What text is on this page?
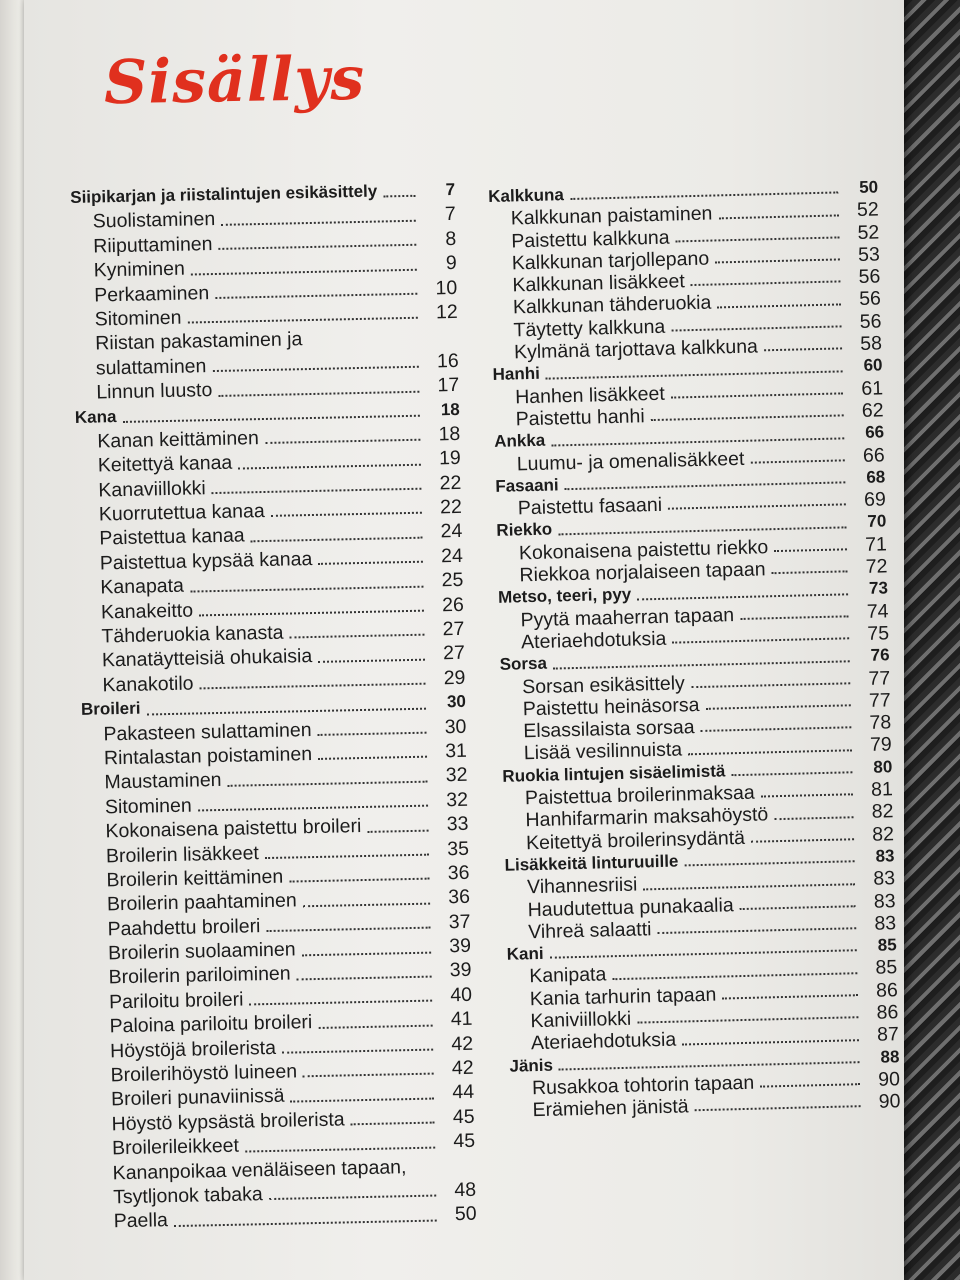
Sisällys
Siipikarjan ja riistalintujen esikäsittely	7
Suolistaminen	7
Riiputtaminen	8
Kyniminen	9
Perkaaminen	10
Sitominen	12
Riistan pakastaminen ja
sulattaminen	16
Linnun luusto	17
Kana	18
Kanan keittäminen	18
Keitettyä kanaa	19
Kanaviillokki	22
Kuorrutettua kanaa	22
Paistettua kanaa	24
Paistettua kypsää kanaa	24
Kanapata	25
Kanakeitto	26
Tähderuokia kanasta	27
Kanatäytteisiä ohukaisia	27
Kanakotilo	29
Broileri	30
Pakasteen sulattaminen	30
Rintalastan poistaminen	31
Maustaminen	32
Sitominen	32
Kokonaisena paistettu broileri	33
Broilerin lisäkkeet	35
Broilerin keittäminen	36
Broilerin paahtaminen	36
Paahdettu broileri	37
Broilerin suolaaminen	39
Broilerin pariloiminen	39
Pariloitu broileri	40
Paloina pariloitu broileri	41
Höystöjä broilerista	42
Broilerihöystö luineen	42
Broileri punaviinissä	44
Höystö kypsästä broilerista	45
Broilerileikkeet	45
Kananpoikaa venäläiseen tapaan,
Tsytljonok tabaka	48
Paella	50
Kalkkuna	50
Kalkkunan paistaminen	52
Paistettu kalkkuna	52
Kalkkunan tarjollepano	53
Kalkkunan lisäkkeet	56
Kalkkunan tähderuokia	56
Täytetty kalkkuna	56
Kylmänä tarjottava kalkkuna	58
Hanhi	60
Hanhen lisäkkeet	61
Paistettu hanhi	62
Ankka	66
Luumu- ja omenalisäkkeet	66
Fasaani	68
Paistettu fasaani	69
Riekko	70
Kokonaisena paistettu riekko	71
Riekkoa norjalaiseen tapaan	72
Metso, teeri, pyy	73
Pyytä maaherran tapaan	74
Ateriaehdotuksia	75
Sorsa	76
Sorsan esikäsittely	77
Paistettu heinäsorsa	77
Elsassilaista sorsaa	78
Lisää vesilinnuista	79
Ruokia lintujen sisäelimistä	80
Paistettua broilerinmaksaa	81
Hanhifarmarin maksahöystö	82
Keitettyä broilerinsydäntä	82
Lisäkkeitä linturuuille	83
Vihannesriisi	83
Haudutettua punakaalia	83
Vihreä salaatti	83
Kani	85
Kanipata	85
Kania tarhurin tapaan	86
Kaniviillokki	86
Ateriaehdotuksia	87
Jänis	88
Rusakkoa tohtorin tapaan	90
Erämiehen jänistä	90
